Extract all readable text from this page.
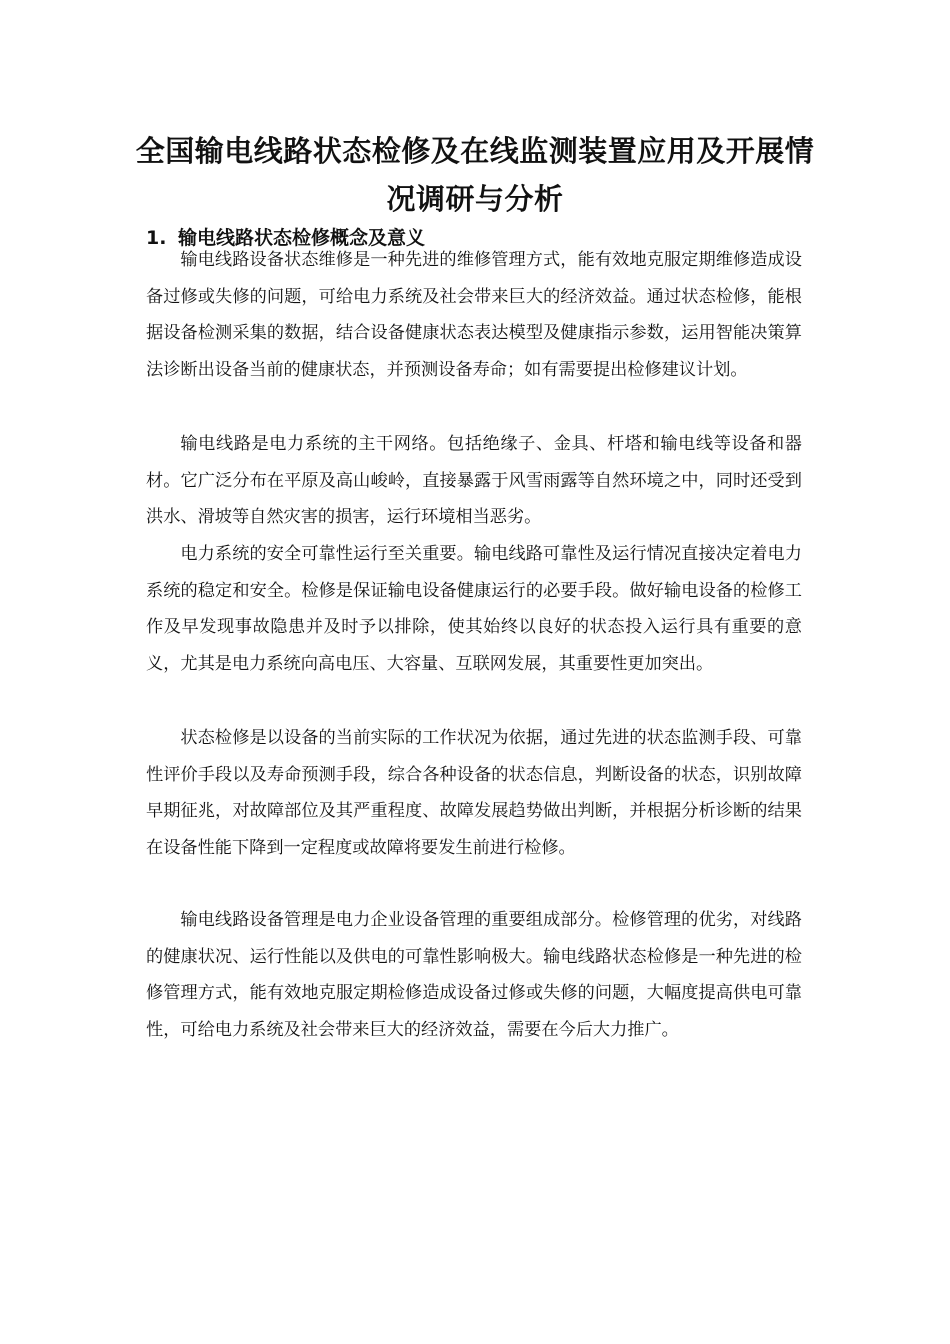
全国输电线路状态检修及在线监测装置应用及开展情
况调研与分析
1. 输电线路状态检修概念及意义

输电线路设备状态维修是一种先进的维修管理方式，能有效地克服定期维修造成设备过修或失修的问题，可给电力系统及社会带来巨大的经济效益。通过状态检修，能根据设备检测采集的数据，结合设备健康状态表达模型及健康指示参数，运用智能决策算法诊断出设备当前的健康状态，并预测设备寿命；如有需要提出检修建议计划。

输电线路是电力系统的主干网络。包括绝缘子、金具、杆塔和输电线等设备和器材。它广泛分布在平原及高山峻岭，直接暴露于风雪雨露等自然环境之中，同时还受到洪水、滑坡等自然灾害的损害，运行环境相当恶劣。

电力系统的安全可靠性运行至关重要。输电线路可靠性及运行情况直接决定着电力系统的稳定和安全。检修是保证输电设备健康运行的必要手段。做好输电设备的检修工作及早发现事故隐患并及时予以排除，使其始终以良好的状态投入运行具有重要的意义，尤其是电力系统向高电压、大容量、互联网发展，其重要性更加突出。

状态检修是以设备的当前实际的工作状况为依据，通过先进的状态监测手段、可靠性评价手段以及寿命预测手段，综合各种设备的状态信息，判断设备的状态，识别故障早期征兆，对故障部位及其严重程度、故障发展趋势做出判断，并根据分析诊断的结果在设备性能下降到一定程度或故障将要发生前进行检修。

输电线路设备管理是电力企业设备管理的重要组成部分。检修管理的优劣，对线路的健康状况、运行性能以及供电的可靠性影响极大。输电线路状态检修是一种先进的检修管理方式，能有效地克服定期检修造成设备过修或失修的问题，大幅度提高供电可靠性，可给电力系统及社会带来巨大的经济效益，需要在今后大力推广。
